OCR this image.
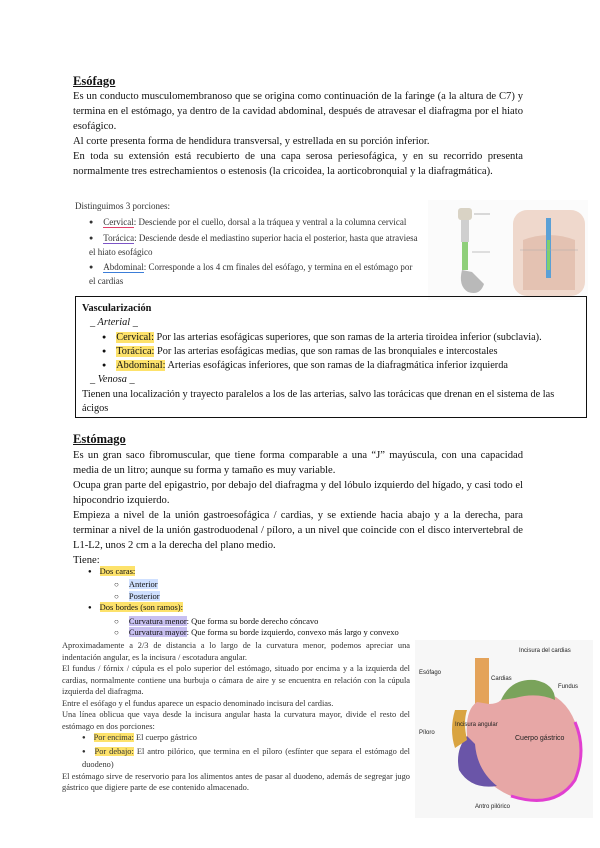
Esófago

Es un conducto musculomembranoso que se origina como continuación de la faringe (a la altura de C7) y termina en el estómago, ya dentro de la cavidad abdominal, después de atravesar el diafragma por el hiato esofágico.

Al corte presenta forma de hendidura transversal, y estrellada en su porción inferior.

En toda su extensión está recubierto de una capa serosa periesofágica, y en su recorrido presenta normalmente tres estrechamientos o estenosis (la cricoidea, la aorticobronquial y la diafragmática).

Distinguimos 3 porciones:
● Cervical: Desciende por el cuello, dorsal a la tráquea y ventral a la columna cervical
● Torácica: Desciende desde el mediastino superior hacia el posterior, hasta que atraviesa el hiato esofágico
● Abdominal: Corresponde a los 4 cm finales del esófago, y termina en el estómago por el cardias
Vascularización
_ Arterial _
● Cervical: Por las arterias esofágicas superiores, que son ramas de la arteria tiroidea inferior (subclavia).
● Torácica: Por las arterias esofágicas medias, que son ramas de las bronquiales e intercostales
● Abdominal: Arterias esofágicas inferiores, que son ramas de la diafragmática inferior izquierda
_ Venosa _
Tienen una localización y trayecto paralelos a los de las arterias, salvo las torácicas que drenan en el sistema de las ácigos
Estómago

Es un gran saco fibromuscular, que tiene forma comparable a una “J” mayúscula, con una capacidad media de un litro; aunque su forma y tamaño es muy variable.

Ocupa gran parte del epigastrio, por debajo del diafragma y del lóbulo izquierdo del hígado, y casi todo el hipocondrio izquierdo.

Empieza a nivel de la unión gastroesofágica / cardias, y se extiende hacia abajo y a la derecha, para terminar a nivel de la unión gastroduodenal / píloro, a un nivel que coincide con el disco intervertebral de L1-L2, unos 2 cm a la derecha del plano medio.

Tiene:

● Dos caras:
○ Anterior
○ Posterior
● Dos bordes (son ramos):
○ Curvatura menor: Que forma su borde derecho cóncavo
○ Curvatura mayor: Que forma su borde izquierdo, convexo más largo y convexo
Aproximadamente a 2/3 de distancia a lo largo de la curvatura menor, podemos apreciar una indentación angular, es la incisura / escotadura angular.
El fundus / fórnix / cúpula es el polo superior del estómago, situado por encima y a la izquierda del cardias, normalmente contiene una burbuja o cámara de aire y se encuentra en relación con la cúpula izquierda del diafragma.
Entre el esófago y el fundus aparece un espacio denominado incisura del cardias.
Una línea oblicua que vaya desde la incisura angular hasta la curvatura mayor, divide el resto del estómago en dos porciones:
● Por encima: El cuerpo gástrico
● Por debajo: El antro pilórico, que termina en el píloro (esfínter que separa el estómago del duodeno)
El estómago sirve de reservorio para los alimentos antes de pasar al duodeno, además de segregar jugo gástrico que digiere parte de ese contenido almacenado.
Incisura del cardias
Fundus
Esófago
Cardias
Píloro
Incisura angular
Cuerpo gástrico
Antro pilórico
